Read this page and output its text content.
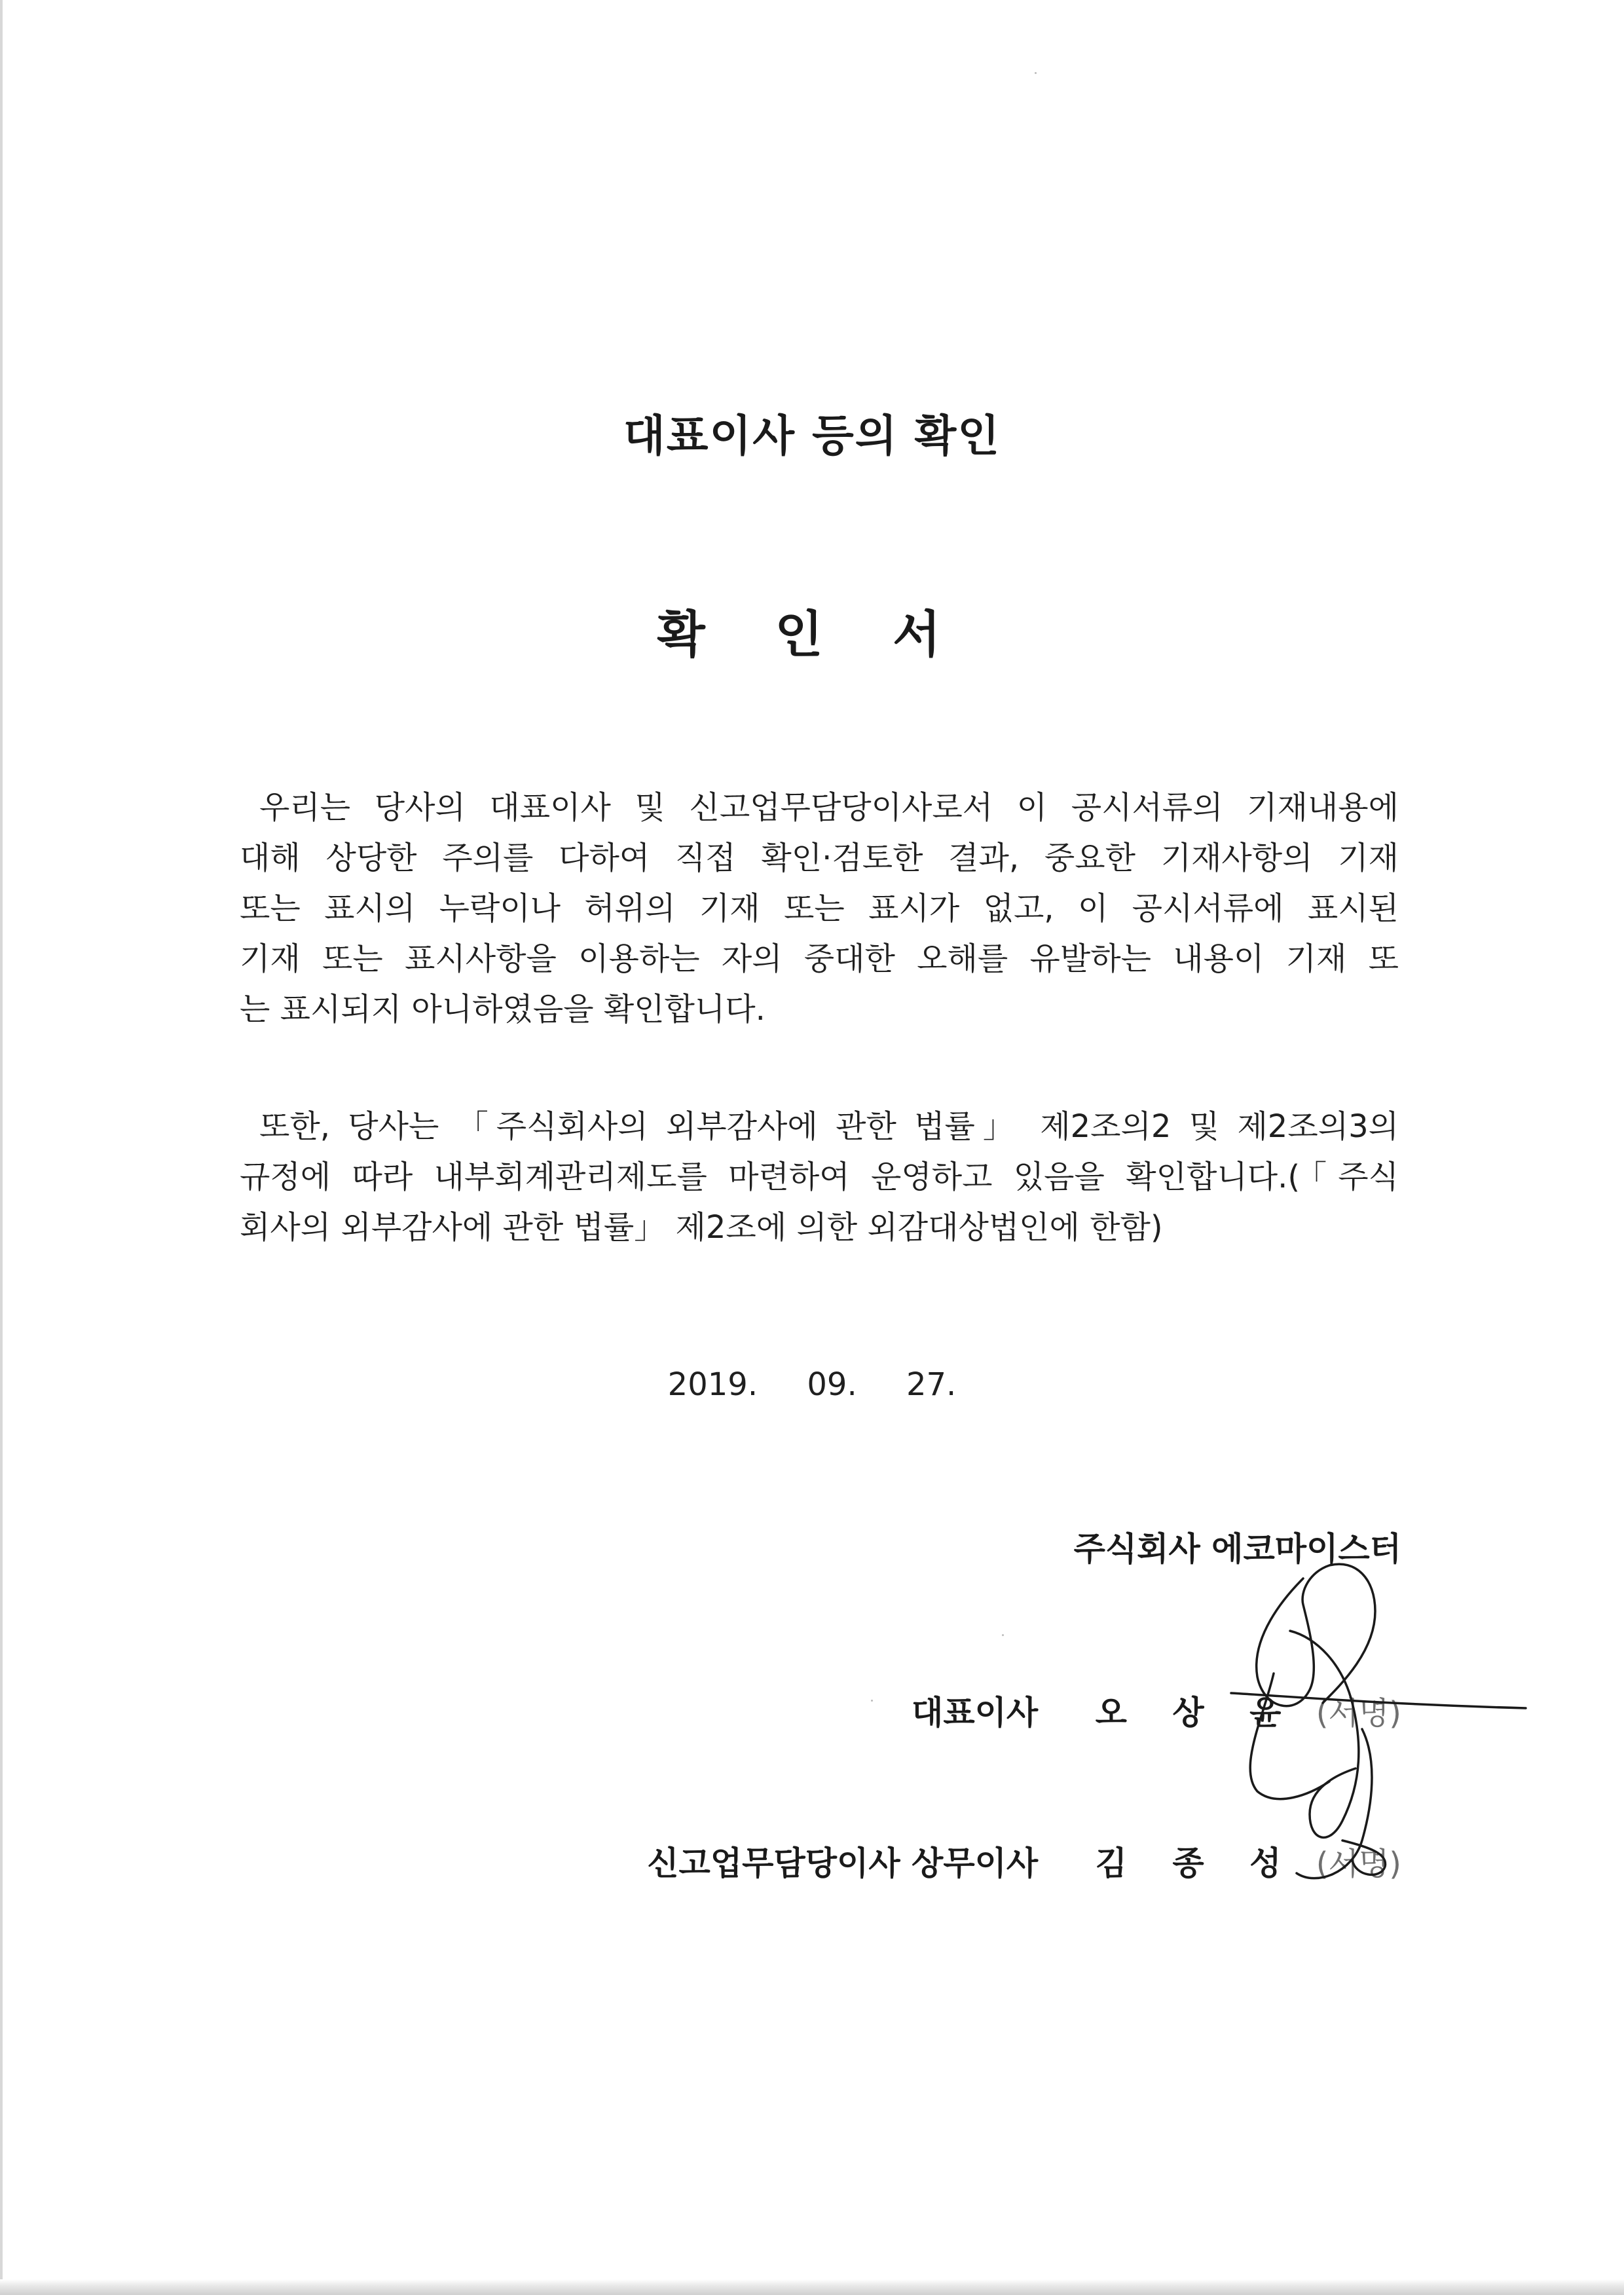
대표이사 등의 확인
확 인 서
우리는 당사의 대표이사 및 신고업무담당이사로서 이 공시서류의 기재내용에
대해 상당한 주의를 다하여 직접 확인·검토한 결과, 중요한 기재사항의 기재
또는 표시의 누락이나 허위의 기재 또는 표시가 없고, 이 공시서류에 표시된
기재 또는 표시사항을 이용하는 자의 중대한 오해를 유발하는 내용이 기재 또
는 표시되지 아니하였음을 확인합니다.
또한, 당사는 「주식회사의 외부감사에 관한 법률」 제2조의2 및 제2조의3의
규정에 따라 내부회계관리제도를 마련하여 운영하고 있음을 확인합니다.(「주식
회사의 외부감사에 관한 법률」 제2조에 의한 외감대상법인에 한함)
2019. 09. 27.
주식회사 에코마이스터
대표이사 오 상 윤 (서명)
신고업무담당이사 상무이사 김 종 성 (서명)
